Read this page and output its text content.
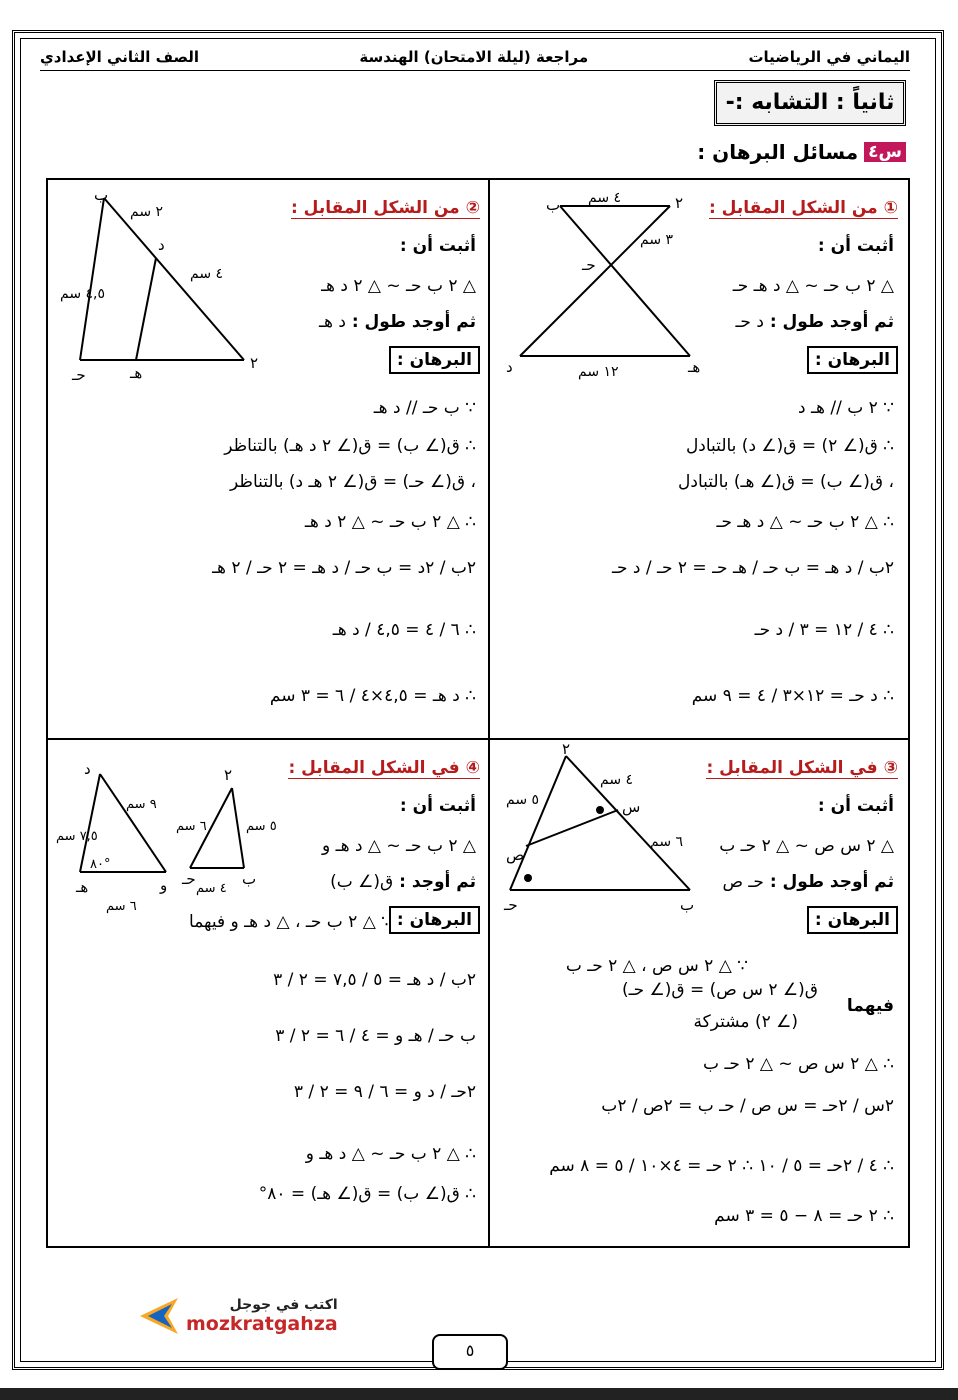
اليماني في الرياضيات
مراجعة (ليلة الامتحان) الهندسة
الصف الثاني الإعدادي
ثانياً : التشابه :-
س٤
مسائل البرهان :
① من الشكل المقابل :
أثبت أن :
△ ٢ ب حـ ~ △ د هـ حـ
ثم أوجد طول : د حـ
البرهان :
∵ ٢ ب // هـ د
∴ ق(∠ ٢) = ق(∠ د) بالتبادل
، ق(∠ ب) = ق(∠ هـ) بالتبادل
∴ △ ٢ ب حـ ~ △ د هـ حـ
٢ب / د هـ = ب حـ / هـ حـ = ٢ حـ / د حـ
∴ ٤ / ١٢ = ٣ / د حـ
∴ د حـ = ١٢×٣ / ٤ = ٩ سم
② من الشكل المقابل :
أثبت أن :
△ ٢ ب حـ ~ △ ٢ د هـ
ثم أوجد طول : د هـ
البرهان :
∵ ب حـ // د هـ
∴ ق(∠ ب) = ق(∠ ٢ د هـ) بالتناظر
، ق(∠ حـ) = ق(∠ ٢ هـ د) بالتناظر
∴ △ ٢ ب حـ ~ △ ٢ د هـ
٢ب / ٢د = ب حـ / د هـ = ٢ حـ / ٢ هـ
∴ ٦ / ٤ = ٤,٥ / د هـ
∴ د هـ = ٤,٥×٤ / ٦ = ٣ سم
③ في الشكل المقابل :
أثبت أن :
△ ٢ س ص ~ △ ٢ حـ ب
ثم أوجد طول : حـ ص
البرهان :
∵ △ ٢ س ص ، △ ٢ حـ ب
ق(∠ ٢ س ص) = ق(∠ حـ)
(∠ ٢) مشتركة
فيهما
∴ △ ٢ س ص ~ △ ٢ حـ ب
٢س / ٢حـ = س ص / حـ ب = ٢ص / ٢ب
∴ ٤ / ٢حـ = ٥ / ١٠ ∴ ٢ حـ = ٤×١٠ / ٥ = ٨ سم
∴ ٢ حـ = ٨ − ٥ = ٣ سم
④ في الشكل المقابل :
أثبت أن :
△ ٢ ب حـ ~ △ د هـ و
ثم أوجد : ق(∠ ب)
البرهان :
∵ △ ٢ ب حـ ، △ د هـ و فيهما
٢ب / د هـ = ٥ / ٧,٥ = ٢ / ٣
ب حـ / هـ و = ٤ / ٦ = ٢ / ٣
٢حـ / د و = ٦ / ٩ = ٢ / ٣
∴ △ ٢ ب حـ ~ △ د هـ و
∴ ق(∠ ب) = ق(∠ هـ) = ٨٠°
٢
ب
حـ
د	هـ
٤ سم
٣ سم
١٢ سم
ب
٢
حـ
د
هـ
٢ سم
٤ سم
٤,٥ سم
٢
ب
حـ
س
ص
٤ سم
٥ سم
٦ سم
د
هـ	و
٢
ب
حـ
٥ سم
٦ سم
٤ سم
٩ سم
٧,٥ سم
٦ سم
٨٠°
اكتب في جوجل
mozkratgahza
٥
